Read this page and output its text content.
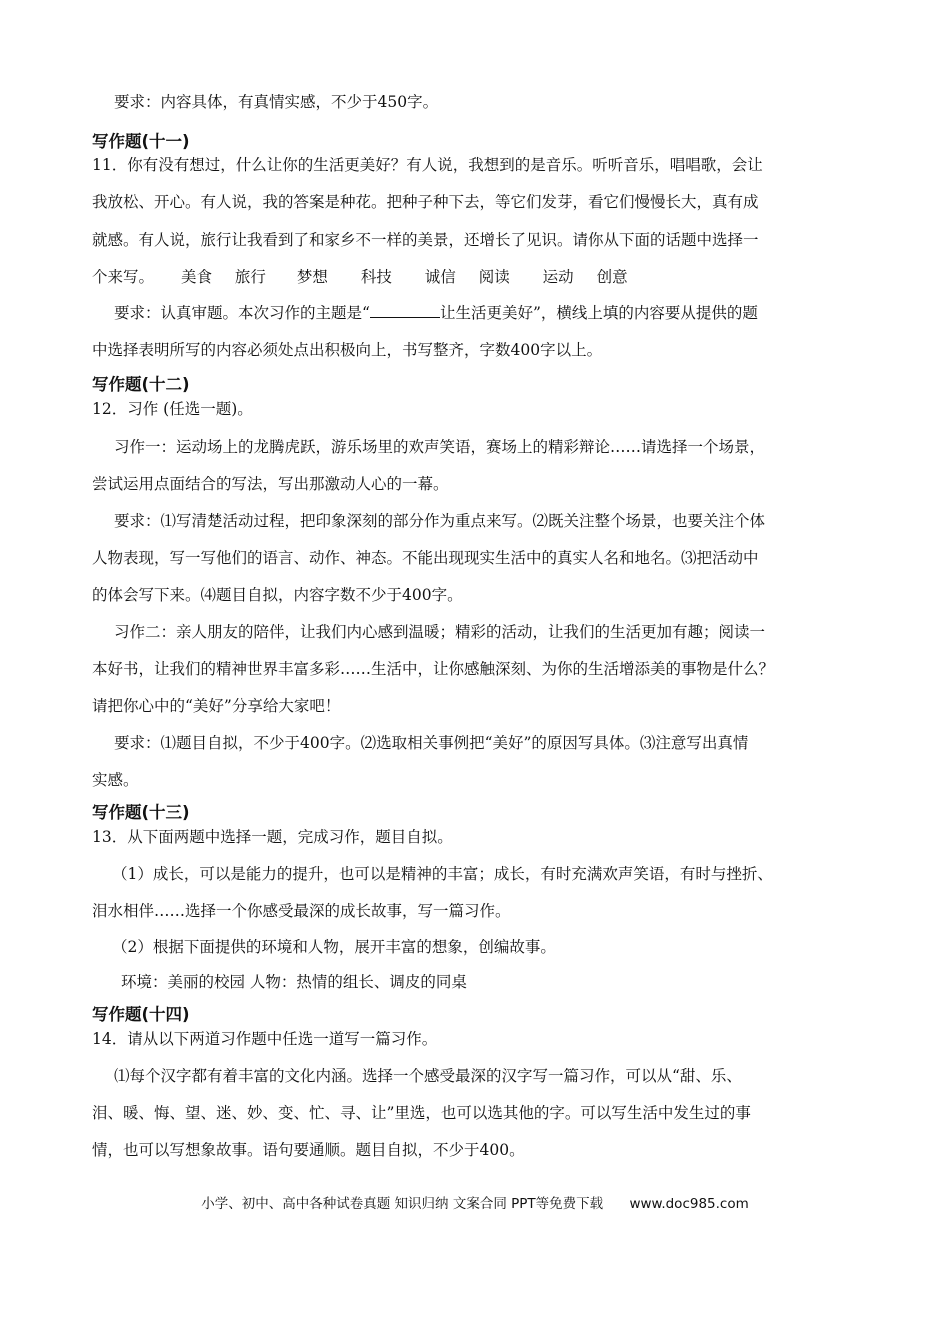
要求：内容具体，有真情实感，不少于450字。
写作题(十一)
11．你有没有想过，什么让你的生活更美好？有人说，我想到的是音乐。听听音乐，唱唱歌，会让
我放松、开心。有人说，我的答案是种花。把种子种下去，等它们发芽，看它们慢慢长大，真有成
就感。有人说，旅行让我看到了和家乡不一样的美景，还增长了见识。请你从下面的话题中选择一
个来写。 美食 旅行 梦想 科技 诚信 阅读 运动 创意
要求：认真审题。本次习作的主题是“	让生活更美好”，横线上填的内容要从提供的题
中选择表明所写的内容必须处点出积极向上，书写整齐，字数400字以上。
写作题(十二)
12．习作 (任选一题)。
习作一：运动场上的龙腾虎跃，游乐场里的欢声笑语，赛场上的精彩辩论……请选择一个场景，
尝试运用点面结合的写法，写出那激动人心的一幕。
要求：⑴写清楚活动过程，把印象深刻的部分作为重点来写。⑵既关注整个场景，也要关注个体
人物表现，写一写他们的语言、动作、神态。不能出现现实生活中的真实人名和地名。⑶把活动中
的体会写下来。⑷题目自拟，内容字数不少于400字。
习作二：亲人朋友的陪伴，让我们内心感到温暖；精彩的活动，让我们的生活更加有趣；阅读一
本好书，让我们的精神世界丰富多彩……生活中，让你感触深刻、为你的生活增添美的事物是什么？
请把你心中的“美好”分享给大家吧！
要求：⑴题目自拟，不少于400字。⑵选取相关事例把“美好”的原因写具体。⑶注意写出真情
实感。
写作题(十三)
13．从下面两题中选择一题，完成习作，题目自拟。
（1）成长，可以是能力的提升，也可以是精神的丰富；成长，有时充满欢声笑语，有时与挫折、
泪水相伴……选择一个你感受最深的成长故事，写一篇习作。
（2）根据下面提供的环境和人物，展开丰富的想象，创编故事。
环境：美丽的校园 人物：热情的组长、调皮的同桌
写作题(十四)
14．请从以下两道习作题中任选一道写一篇习作。
⑴每个汉字都有着丰富的文化内涵。选择一个感受最深的汉字写一篇习作，可以从“甜、乐、
泪、暖、悔、望、迷、妙、变、忙、寻、让”里选，也可以选其他的字。可以写生活中发生过的事
情，也可以写想象故事。语句要通顺。题目自拟，不少于400。
小学、初中、高中各种试卷真题 知识归纳 文案合同 PPT等免费下载 www.doc985.com
